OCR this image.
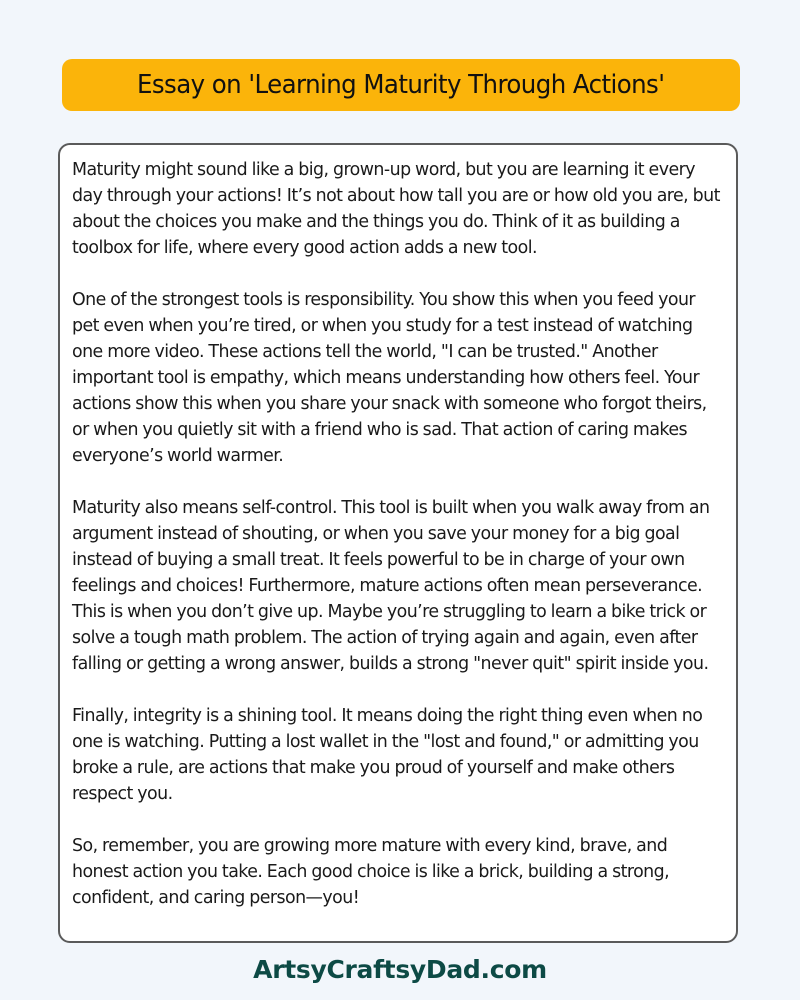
Essay on 'Learning Maturity Through Actions'

Maturity might sound like a big, grown-up word, but you are learning it every day through your actions! It’s not about how tall you are or how old you are, but about the choices you make and the things you do. Think of it as building a toolbox for life, where every good action adds a new tool.

One of the strongest tools is responsibility. You show this when you feed your pet even when you’re tired, or when you study for a test instead of watching one more video. These actions tell the world, "I can be trusted." Another important tool is empathy, which means understanding how others feel. Your actions show this when you share your snack with someone who forgot theirs, or when you quietly sit with a friend who is sad. That action of caring makes everyone’s world warmer.

Maturity also means self-control. This tool is built when you walk away from an argument instead of shouting, or when you save your money for a big goal instead of buying a small treat. It feels powerful to be in charge of your own feelings and choices! Furthermore, mature actions often mean perseverance. This is when you don’t give up. Maybe you’re struggling to learn a bike trick or solve a tough math problem. The action of trying again and again, even after falling or getting a wrong answer, builds a strong "never quit" spirit inside you.

Finally, integrity is a shining tool. It means doing the right thing even when no one is watching. Putting a lost wallet in the "lost and found," or admitting you broke a rule, are actions that make you proud of yourself and make others respect you.

So, remember, you are growing more mature with every kind, brave, and honest action you take. Each good choice is like a brick, building a strong, confident, and caring person—you!

ArtsyCraftsyDad.com
